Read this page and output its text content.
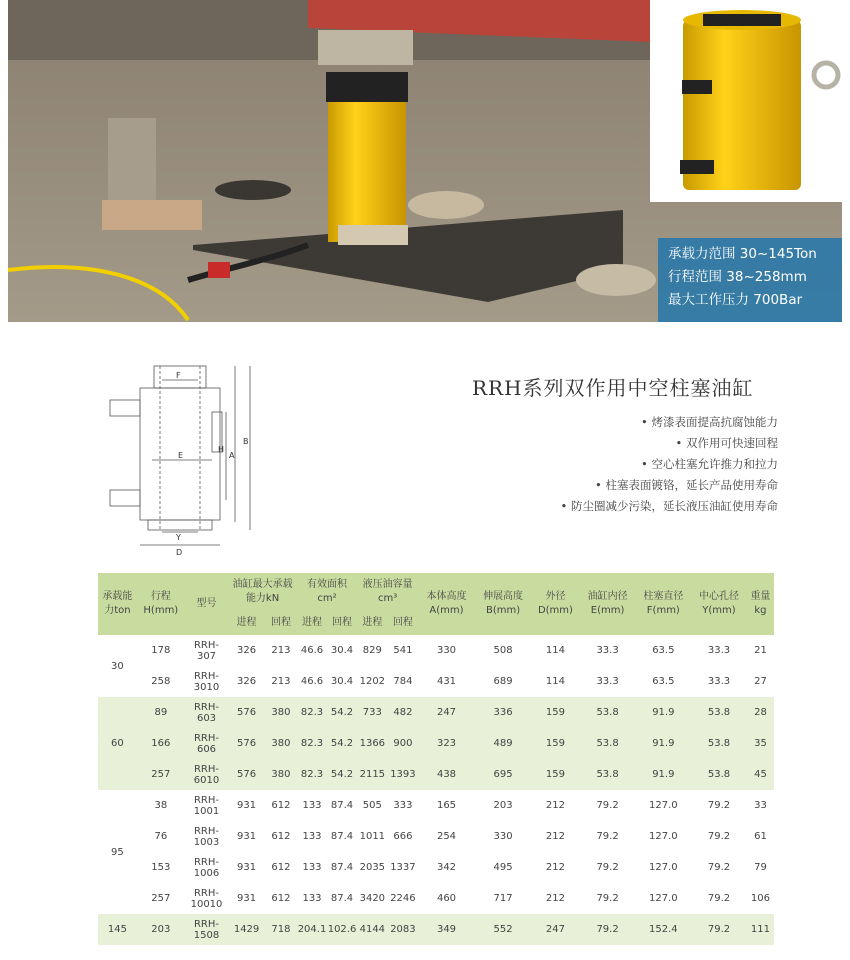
承载力范围 30~145Ton
行程范围 38~258mm
最大工作压力 700Bar
F
E
H
A
B
Y
D
RRH系列双作用中空柱塞油缸
• 烤漆表面提高抗腐蚀能力
• 双作用可快速回程
• 空心柱塞允许推力和拉力
• 柱塞表面镀铬，延长产品使用寿命
• 防尘圈减少污染，延长液压油缸使用寿命
承载能力ton	行程H(mm)	型号	油缸最大承载能力kN		有效面积cm²		液压油容量cm³		本体高度A(mm)	伸展高度B(mm)	外径D(mm)	油缸内径E(mm)	柱塞直径F(mm)	中心孔径Y(mm)	重量kg
			进程	回程	进程	回程	进程	回程							
30	178	RRH-307	326	213	46.6	30.4	829	541	330	508	114	33.3	63.5	33.3	21
	258	RRH-3010	326	213	46.6	30.4	1202	784	431	689	114	33.3	63.5	33.3	27
60	89	RRH-603	576	380	82.3	54.2	733	482	247	336	159	53.8	91.9	53.8	28
	166	RRH-606	576	380	82.3	54.2	1366	900	323	489	159	53.8	91.9	53.8	35
	257	RRH-6010	576	380	82.3	54.2	2115	1393	438	695	159	53.8	91.9	53.8	45
95	38	RRH-1001	931	612	133	87.4	505	333	165	203	212	79.2	127.0	79.2	33
	76	RRH-1003	931	612	133	87.4	1011	666	254	330	212	79.2	127.0	79.2	61
	153	RRH-1006	931	612	133	87.4	2035	1337	342	495	212	79.2	127.0	79.2	79
	257	RRH-10010	931	612	133	87.4	3420	2246	460	717	212	79.2	127.0	79.2	106
145	203	RRH-1508	1429	718	204.1	102.6	4144	2083	349	552	247	79.2	152.4	79.2	111
